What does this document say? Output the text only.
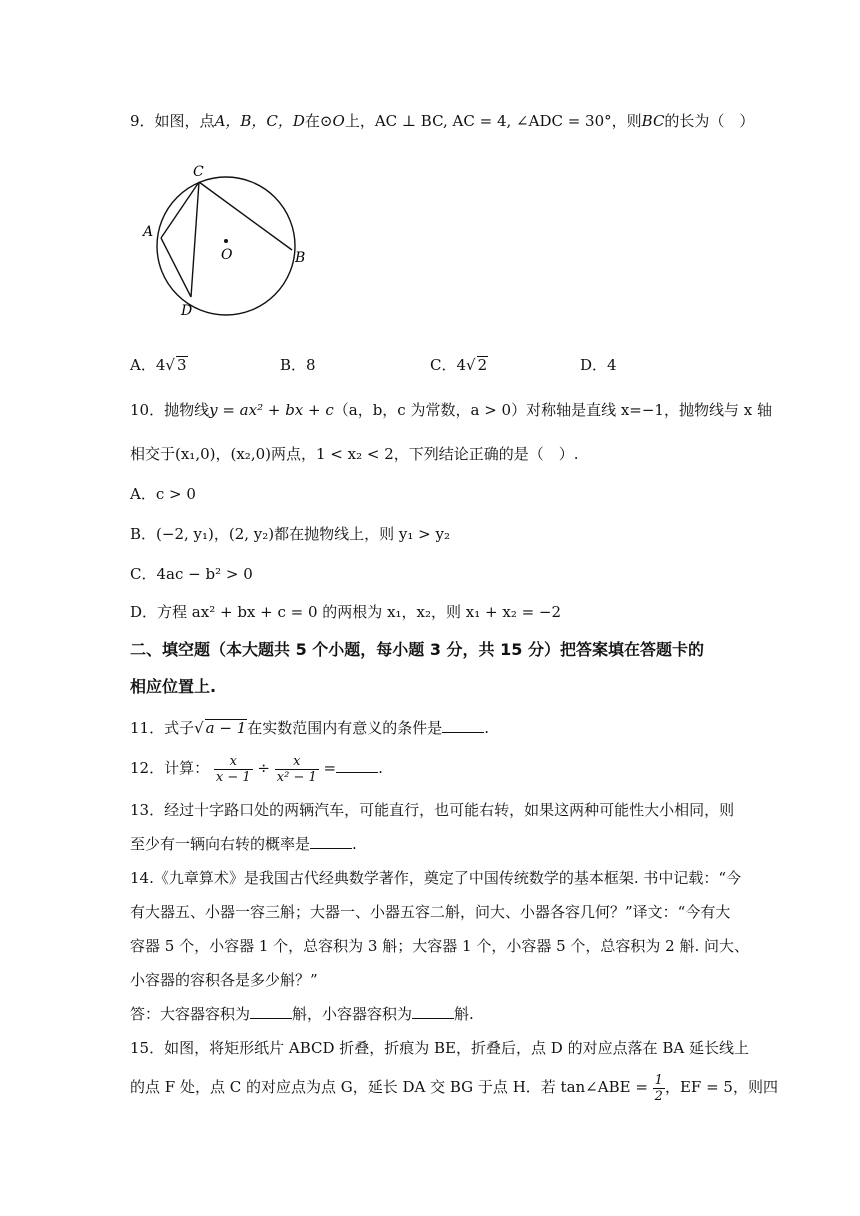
9．如图，点A，B，C，D在⊙O上，AC ⊥ BC, AC = 4, ∠ADC = 30°，则BC的长为（　）
C
A
B
D
O
A．4√ 3	B．8	C．4√ 2	D．4
10．抛物线y = ax² + bx + c（a，b，c 为常数，a > 0）对称轴是直线 x=−1，抛物线与 x 轴
相交于(x₁,0)，(x₂,0)两点，1 < x₂ < 2，下列结论正确的是（　）.
A．c > 0
B．(−2, y₁)，(2, y₂)都在抛物线上，则 y₁ > y₂
C．4ac − b² > 0
D．方程 ax² + bx + c = 0 的两根为 x₁，x₂，则 x₁ + x₂ = −2
二、填空题（本大题共 5 个小题，每小题 3 分，共 15 分）把答案填在答题卡的
相应位置上.
11．式子√ a − 1在实数范围内有意义的条件是	.
12．计算： $\frac{x}{x - 1} \div \frac{x}{\text{x² − 1}}$ =	.
13．经过十字路口处的两辆汽车，可能直行，也可能右转，如果这两种可能性大小相同，则
至少有一辆向右转的概率是	.
14.《九章算术》是我国古代经典数学著作，奠定了中国传统数学的基本框架. 书中记载：“今
有大器五、小器一容三斛；大器一、小器五容二斛，问大、小器各容几何？”译文：“今有大
容器 5 个，小容器 1 个，总容积为 3 斛；大容器 1 个，小容器 5 个，总容积为 2 斛. 问大、
小容器的容积各是多少斛？”
答：大容器容积为	斛，小容器容积为	斛.
15．如图，将矩形纸片 ABCD 折叠，折痕为 BE，折叠后，点 D 的对应点落在 BA 延长线上
的点 F 处，点 C 的对应点为点 G，延长 DA 交 BG 于点 H．若 tan∠ABE = $\frac{1}{2}$ ，EF = 5，则四
